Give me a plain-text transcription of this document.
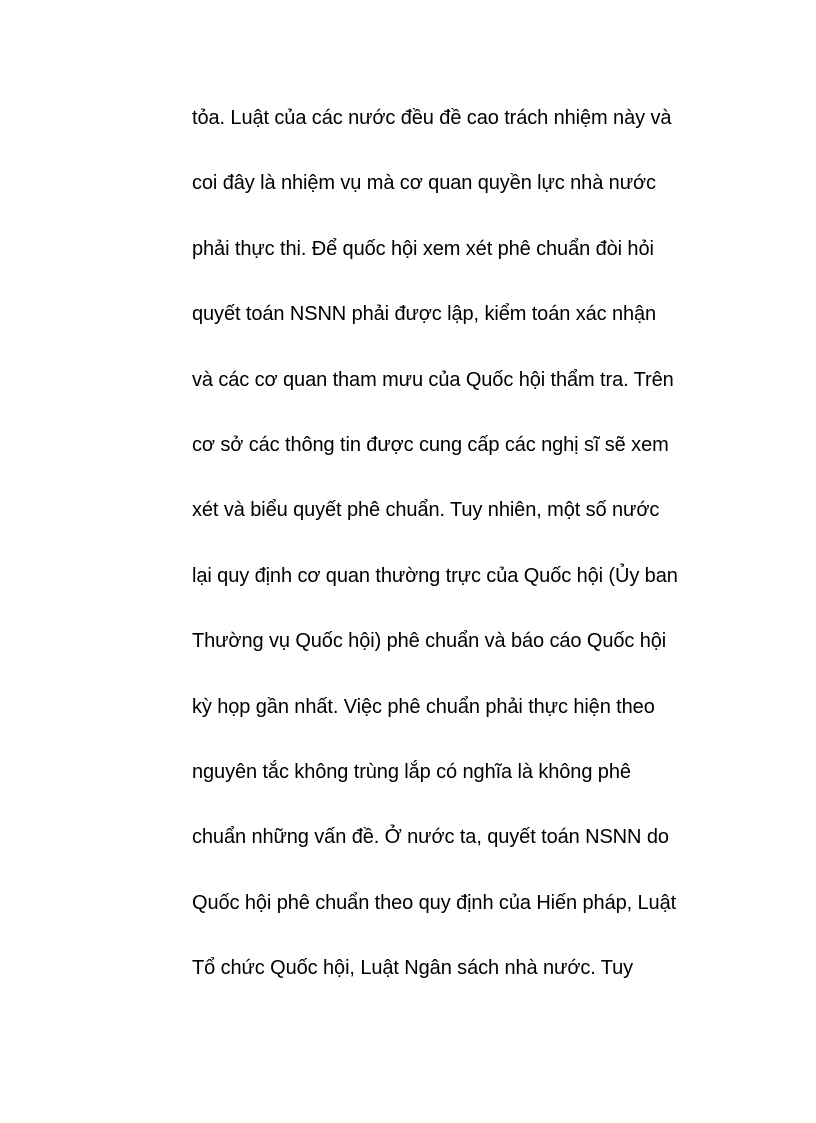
tỏa. Luật của các nước đều đề cao trách nhiệm này và
coi đây là nhiệm vụ mà cơ quan quyền lực nhà nước
phải thực thi. Để quốc hội xem xét phê chuẩn đòi hỏi
quyết toán NSNN phải được lập, kiểm toán xác nhận
và các cơ quan tham mưu của Quốc hội thẩm tra. Trên
cơ sở các thông tin được cung cấp các nghị sĩ sẽ xem
xét và biểu quyết phê chuẩn. Tuy nhiên, một số nước
lại quy định cơ quan thường trực của Quốc hội (Ủy ban
Thường vụ Quốc hội) phê chuẩn và báo cáo Quốc hội
kỳ họp gần nhất. Việc phê chuẩn phải thực hiện theo
nguyên tắc không trùng lắp có nghĩa là không phê
chuẩn những vấn đề. Ở nước ta, quyết toán NSNN do
Quốc hội phê chuẩn theo quy định của Hiến pháp, Luật
Tổ chức Quốc hội, Luật Ngân sách nhà nước. Tuy
